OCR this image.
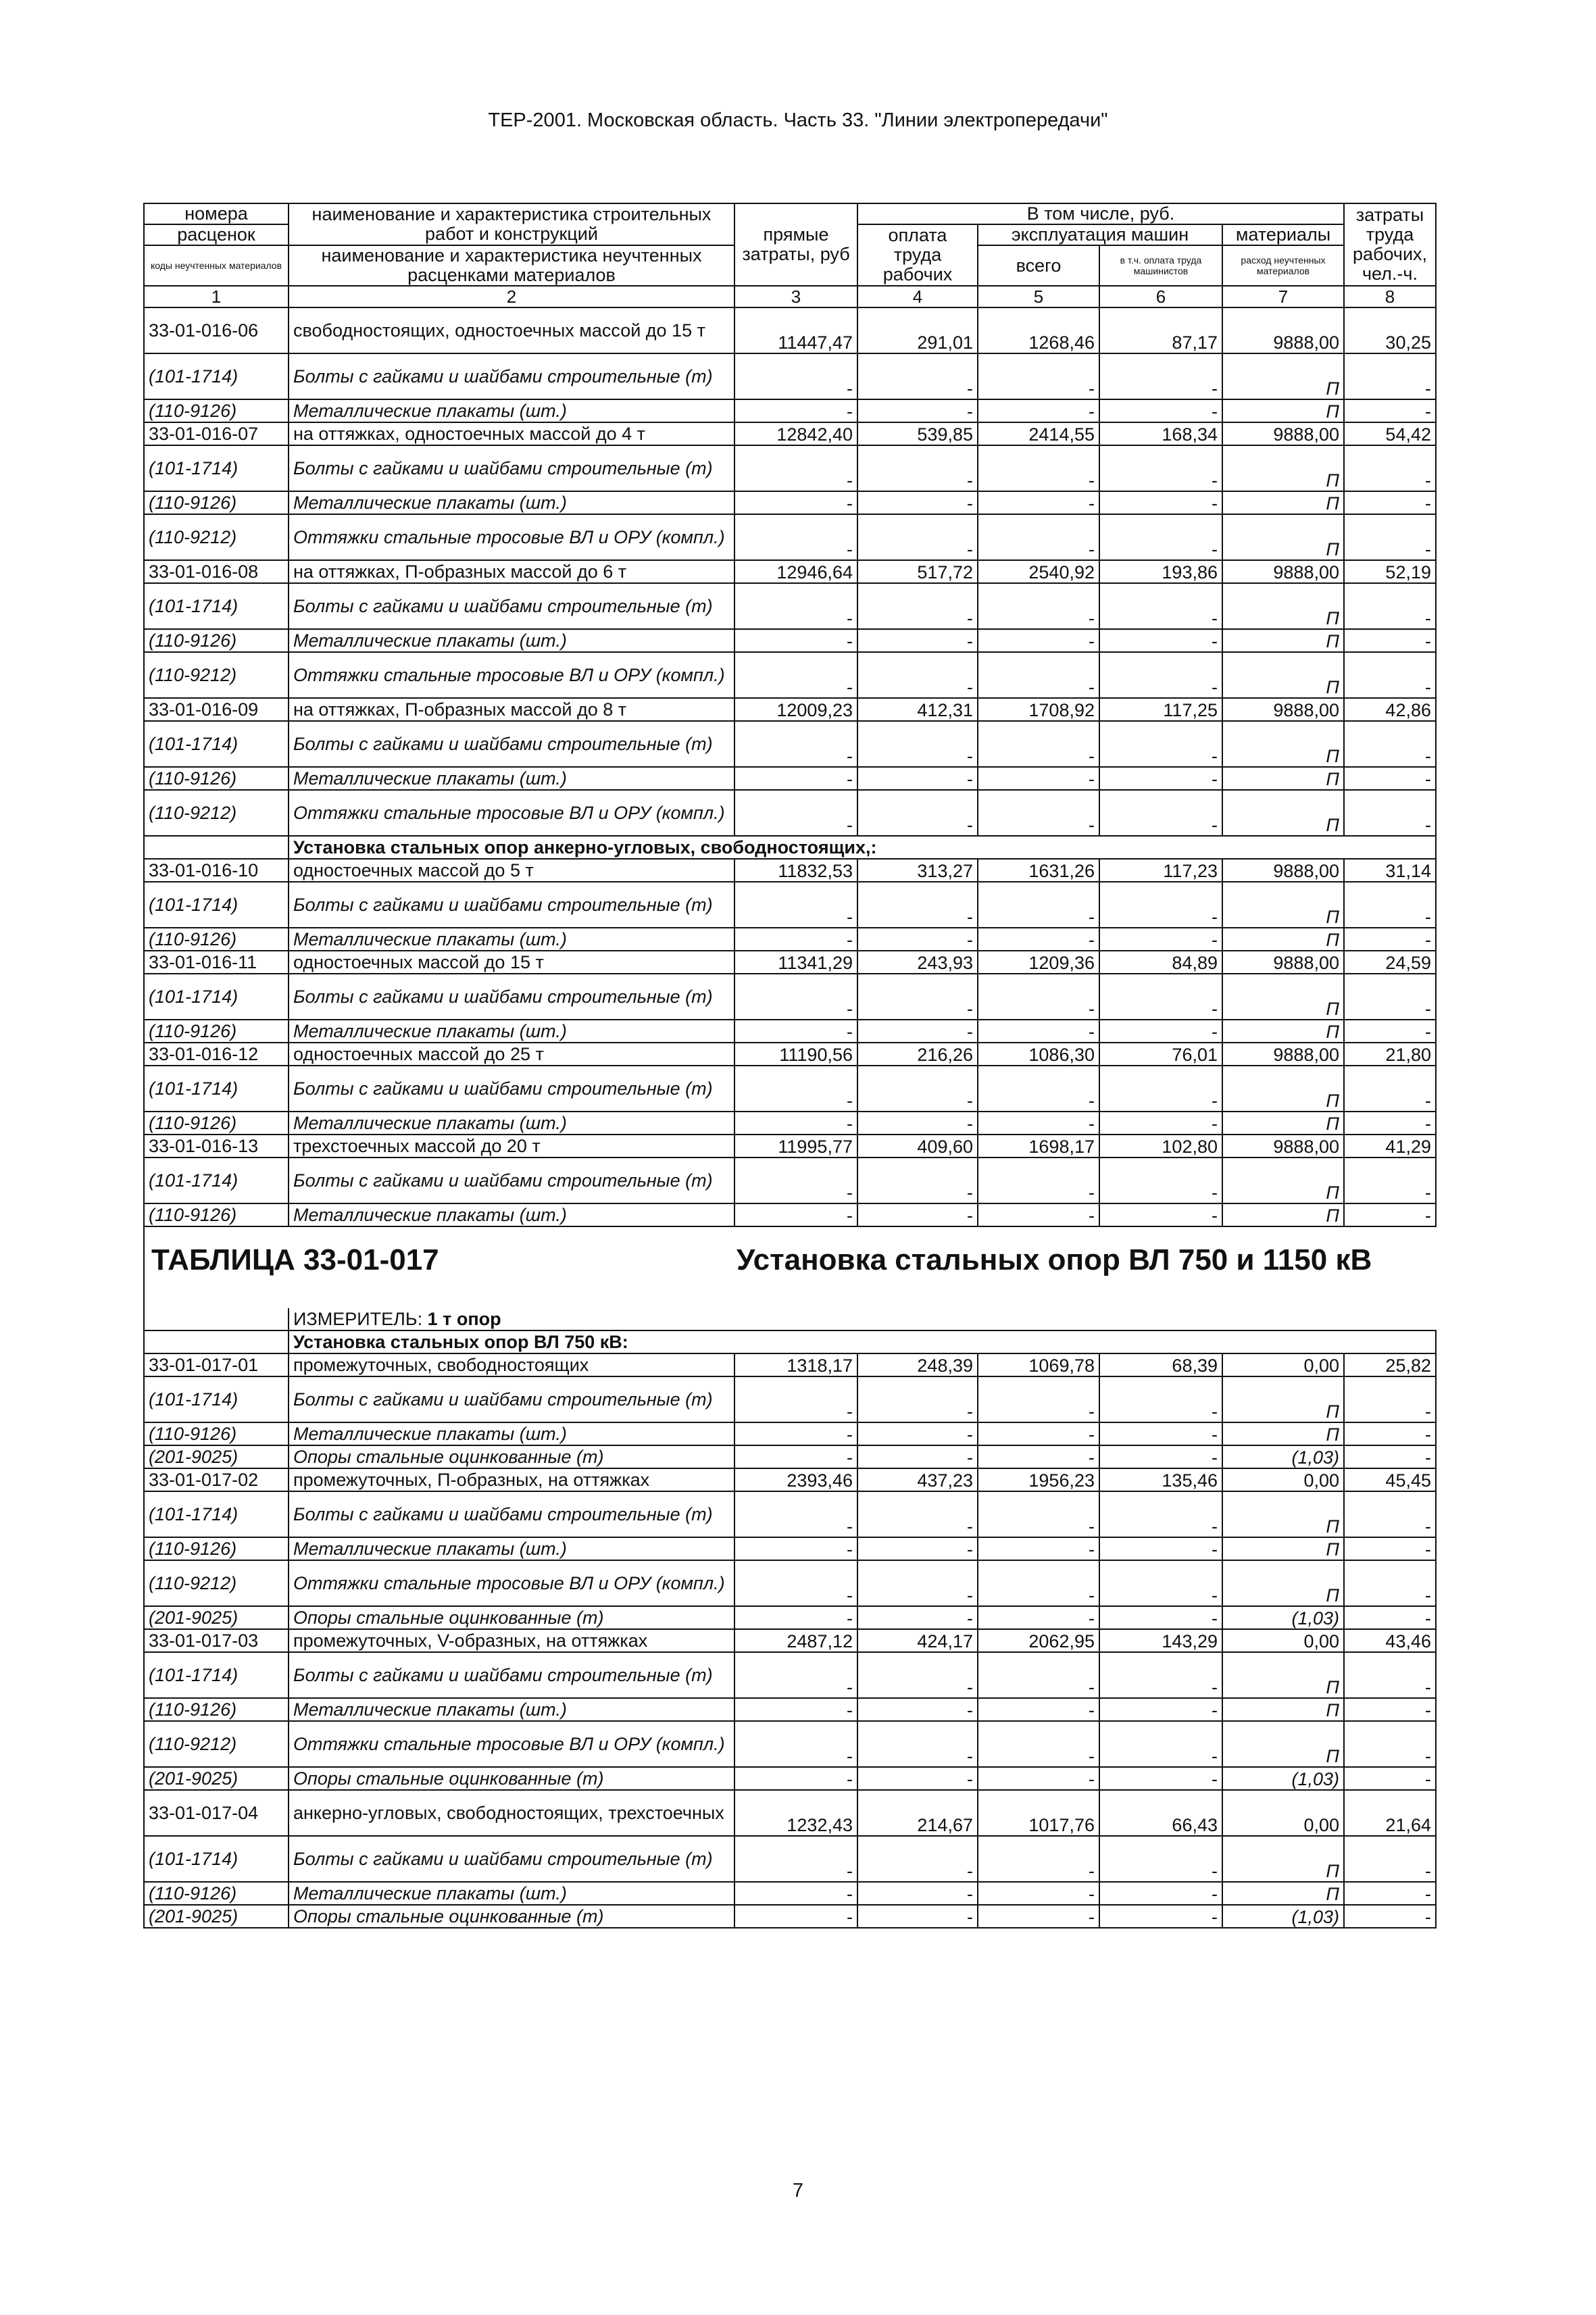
ТЕР-2001. Московская область. Часть 33. "Линии электропередачи"
номера	наименование и характеристика строительных работ и конструкций	прямые затраты, руб	В том числе, руб.				затраты труда рабочих, чел.-ч.
расценок			оплата труда рабочих	эксплуатация машин		материалы	
коды неучтенных материалов	наименование и характеристика неучтенных расценками материалов			всего	в т.ч. оплата труда машинистов	расход неучтенных материалов	

1	2	3	4	5	6	7	8
33-01-016-06	свободностоящих, одностоечных массой до 15 т	11447,47	291,01	1268,46	87,17	9888,00	30,25
(101-1714)	Болты с гайками и шайбами строительные (т)	-	-	-	-	П	-
(110-9126)	Металлические плакаты (шт.)	-	-	-	-	П	-
33-01-016-07	на оттяжках, одностоечных массой до 4 т	12842,40	539,85	2414,55	168,34	9888,00	54,42
(101-1714)	Болты с гайками и шайбами строительные (т)	-	-	-	-	П	-
(110-9126)	Металлические плакаты (шт.)	-	-	-	-	П	-
(110-9212)	Оттяжки стальные тросовые ВЛ и ОРУ (компл.)	-	-	-	-	П	-
33-01-016-08	на оттяжках, П-образных массой до 6 т	12946,64	517,72	2540,92	193,86	9888,00	52,19
(101-1714)	Болты с гайками и шайбами строительные (т)	-	-	-	-	П	-
(110-9126)	Металлические плакаты (шт.)	-	-	-	-	П	-
(110-9212)	Оттяжки стальные тросовые ВЛ и ОРУ (компл.)	-	-	-	-	П	-
33-01-016-09	на оттяжках, П-образных массой до 8 т	12009,23	412,31	1708,92	117,25	9888,00	42,86
(101-1714)	Болты с гайками и шайбами строительные (т)	-	-	-	-	П	-
(110-9126)	Металлические плакаты (шт.)	-	-	-	-	П	-
(110-9212)	Оттяжки стальные тросовые ВЛ и ОРУ (компл.)	-	-	-	-	П	-
	Установка стальных опор анкерно-угловых, свободностоящих,:						
33-01-016-10	одностоечных массой до 5 т	11832,53	313,27	1631,26	117,23	9888,00	31,14
(101-1714)	Болты с гайками и шайбами строительные (т)	-	-	-	-	П	-
(110-9126)	Металлические плакаты (шт.)	-	-	-	-	П	-
33-01-016-11	одностоечных массой до 15 т	11341,29	243,93	1209,36	84,89	9888,00	24,59
(101-1714)	Болты с гайками и шайбами строительные (т)	-	-	-	-	П	-
(110-9126)	Металлические плакаты (шт.)	-	-	-	-	П	-
33-01-016-12	одностоечных массой до 25 т	11190,56	216,26	1086,30	76,01	9888,00	21,80
(101-1714)	Болты с гайками и шайбами строительные (т)	-	-	-	-	П	-
(110-9126)	Металлические плакаты (шт.)	-	-	-	-	П	-
33-01-016-13	трехстоечных массой до 20 т	11995,77	409,60	1698,17	102,80	9888,00	41,29
(101-1714)	Болты с гайками и шайбами строительные (т)	-	-	-	-	П	-
(110-9126)	Металлические плакаты (шт.)	-	-	-	-	П	-

ТАБЛИЦА 33-01-017 Установка стальных опор ВЛ 750 и 1150 кВ							

	ИЗМЕРИТЕЛЬ: 1 т опор						
	Установка стальных опор ВЛ 750 кВ:						
33-01-017-01	промежуточных, свободностоящих	1318,17	248,39	1069,78	68,39	0,00	25,82
(101-1714)	Болты с гайками и шайбами строительные (т)	-	-	-	-	П	-
(110-9126)	Металлические плакаты (шт.)	-	-	-	-	П	-
(201-9025)	Опоры стальные оцинкованные (т)	-	-	-	-	(1,03)	-
33-01-017-02	промежуточных, П-образных, на оттяжках	2393,46	437,23	1956,23	135,46	0,00	45,45
(101-1714)	Болты с гайками и шайбами строительные (т)	-	-	-	-	П	-
(110-9126)	Металлические плакаты (шт.)	-	-	-	-	П	-
(110-9212)	Оттяжки стальные тросовые ВЛ и ОРУ (компл.)	-	-	-	-	П	-
(201-9025)	Опоры стальные оцинкованные (т)	-	-	-	-	(1,03)	-
33-01-017-03	промежуточных, V-образных, на оттяжках	2487,12	424,17	2062,95	143,29	0,00	43,46
(101-1714)	Болты с гайками и шайбами строительные (т)	-	-	-	-	П	-
(110-9126)	Металлические плакаты (шт.)	-	-	-	-	П	-
(110-9212)	Оттяжки стальные тросовые ВЛ и ОРУ (компл.)	-	-	-	-	П	-
(201-9025)	Опоры стальные оцинкованные (т)	-	-	-	-	(1,03)	-
33-01-017-04	анкерно-угловых, свободностоящих, трехстоечных	1232,43	214,67	1017,76	66,43	0,00	21,64
(101-1714)	Болты с гайками и шайбами строительные (т)	-	-	-	-	П	-
(110-9126)	Металлические плакаты (шт.)	-	-	-	-	П	-
(201-9025)	Опоры стальные оцинкованные (т)	-	-	-	-	(1,03)	-
7
